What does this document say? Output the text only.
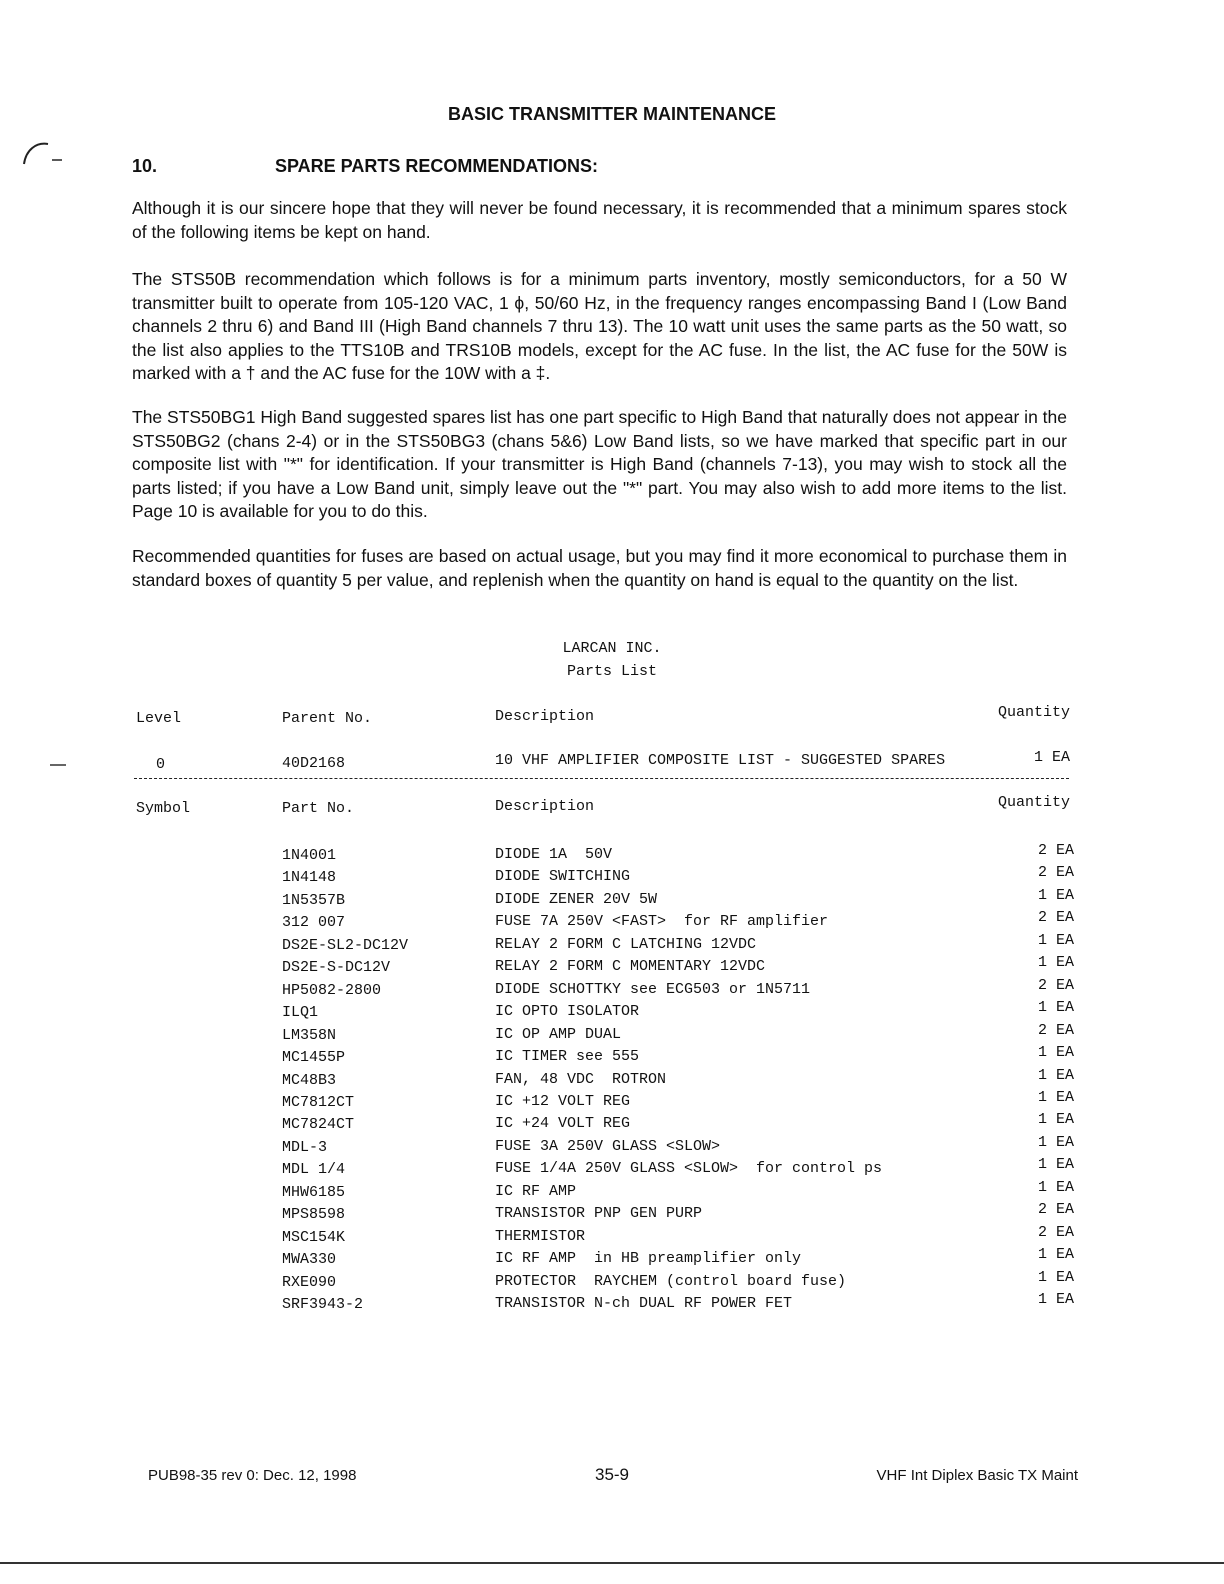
BASIC TRANSMITTER MAINTENANCE
10.	SPARE PARTS RECOMMENDATIONS:

Although it is our sincere hope that they will never be found necessary, it is recommended that a minimum spares stock of the following items be kept on hand.

The STS50B recommendation which follows is for a minimum parts inventory, mostly semiconductors, for a 50 W transmitter built to operate from 105-120 VAC, 1 ϕ, 50/60 Hz, in the frequency ranges encompassing Band I (Low Band channels 2 thru 6) and Band III (High Band channels 7 thru 13). The 10 watt unit uses the same parts as the 50 watt, so the list also applies to the TTS10B and TRS10B models, except for the AC fuse. In the list, the AC fuse for the 50W is marked with a † and the AC fuse for the 10W with a ‡.

The STS50BG1 High Band suggested spares list has one part specific to High Band that naturally does not appear in the STS50BG2 (chans 2-4) or in the STS50BG3 (chans 5&6) Low Band lists, so we have marked that specific part in our composite list with "*" for identification. If your transmitter is High Band (channels 7-13), you may wish to stock all the parts listed; if you have a Low Band unit, simply leave out the "*" part. You may also wish to add more items to the list. Page 10 is available for you to do this.

Recommended quantities for fuses are based on actual usage, but you may find it more economical to purchase them in standard boxes of quantity 5 per value, and replenish when the quantity on hand is equal to the quantity on the list.

LARCAN INC.
Parts List
Level	Parent No.	Description	Quantity
0	40D2168	10 VHF AMPLIFIER COMPOSITE LIST - SUGGESTED SPARES	1 EA
Symbol	Part No.	Description	Quantity
1N4001	DIODE 1A  50V	2 EA
1N4148	DIODE SWITCHING	2 EA
1N5357B	DIODE ZENER 20V 5W	1 EA
312 007	FUSE 7A 250V <FAST>  for RF amplifier	2 EA
DS2E-SL2-DC12V	RELAY 2 FORM C LATCHING 12VDC	1 EA
DS2E-S-DC12V	RELAY 2 FORM C MOMENTARY 12VDC	1 EA
HP5082-2800	DIODE SCHOTTKY see ECG503 or 1N5711	2 EA
ILQ1	IC OPTO ISOLATOR	1 EA
LM358N	IC OP AMP DUAL	2 EA
MC1455P	IC TIMER see 555	1 EA
MC48B3	FAN, 48 VDC  ROTRON	1 EA
MC7812CT	IC +12 VOLT REG	1 EA
MC7824CT	IC +24 VOLT REG	1 EA
MDL-3	FUSE 3A 250V GLASS <SLOW>	1 EA
MDL 1/4	FUSE 1/4A 250V GLASS <SLOW>  for control ps	1 EA
MHW6185	IC RF AMP	1 EA
MPS8598	TRANSISTOR PNP GEN PURP	2 EA
MSC154K	THERMISTOR	2 EA
MWA330	IC RF AMP  in HB preamplifier only	1 EA
RXE090	PROTECTOR  RAYCHEM (control board fuse)	1 EA
SRF3943-2	TRANSISTOR N-ch DUAL RF POWER FET	1 EA
PUB98-35 rev 0: Dec. 12, 1998	35-9	VHF Int Diplex Basic TX Maint
